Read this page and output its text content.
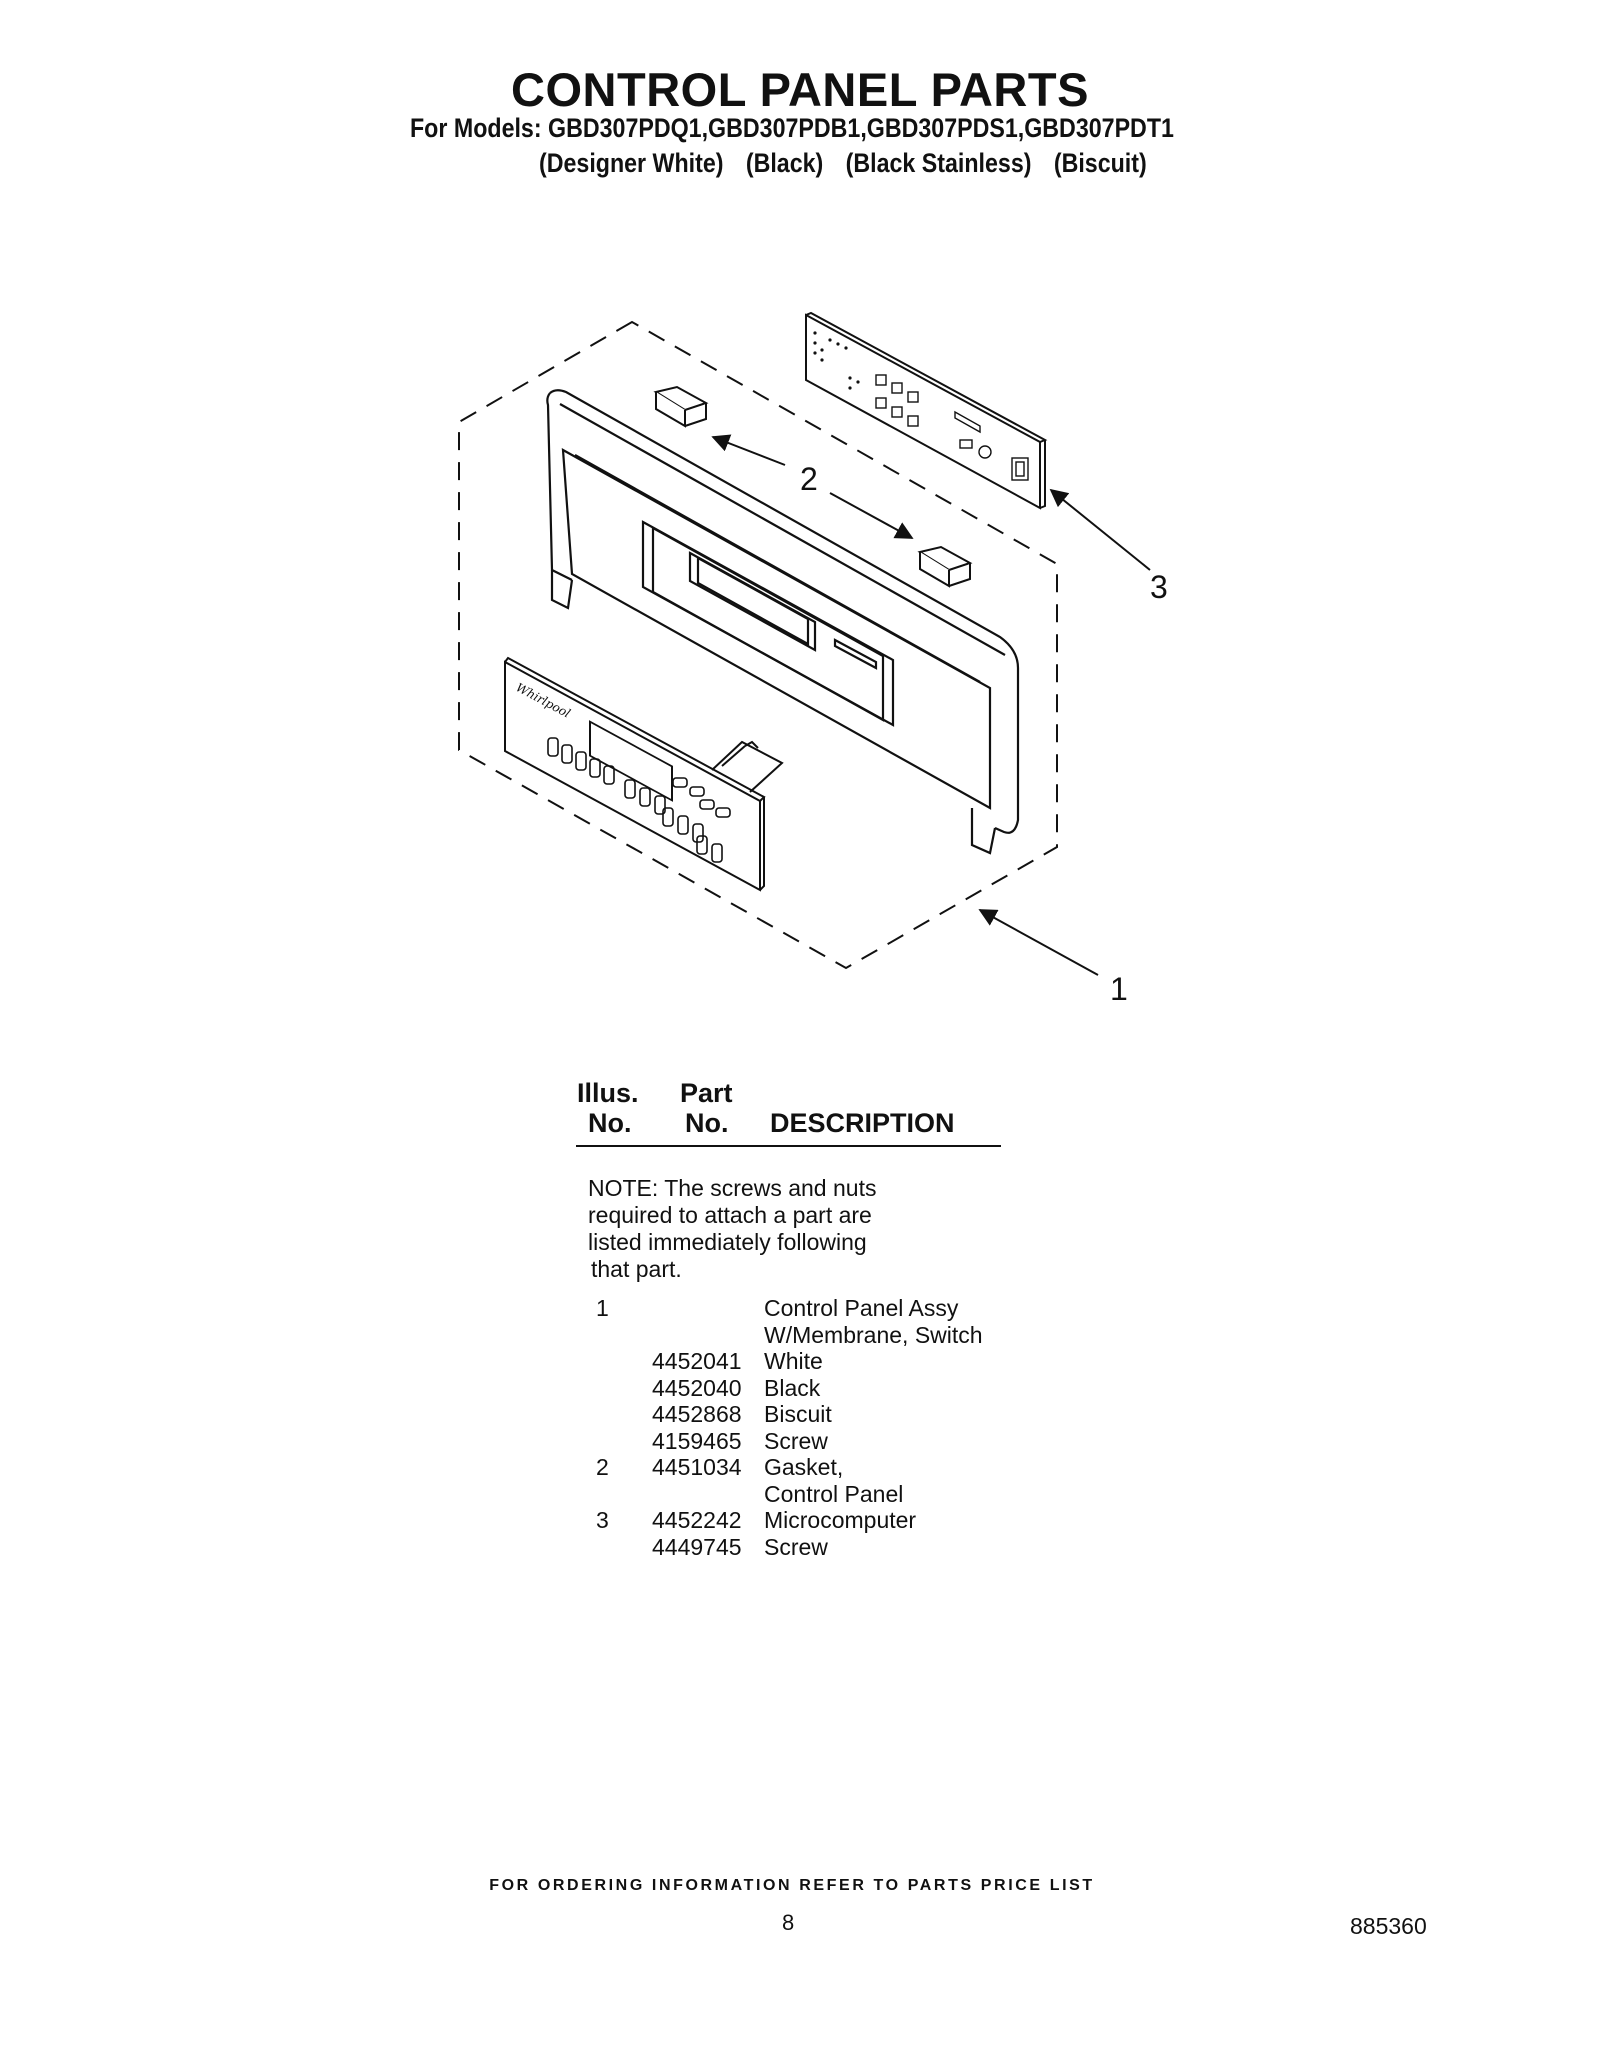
CONTROL PANEL PARTS
For Models: GBD307PDQ1,GBD307PDB1,GBD307PDS1,GBD307PDT1
(Designer White) (Black) (Black Stainless) (Biscuit)
Whirlpool
2
3
1
Illus.
No.
Part
No. DESCRIPTION
NOTE: The screws and nuts
required to attach a part are
listed immediately following
that part.
1	Control Panel Assy
W/Membrane, Switch
4452041 White
4452040 Black
4452868 Biscuit
4159465 Screw
2 4451034 Gasket,
Control Panel
3 4452242 Microcomputer
4449745 Screw
FOR ORDERING INFORMATION REFER TO PARTS PRICE LIST
8	885360
